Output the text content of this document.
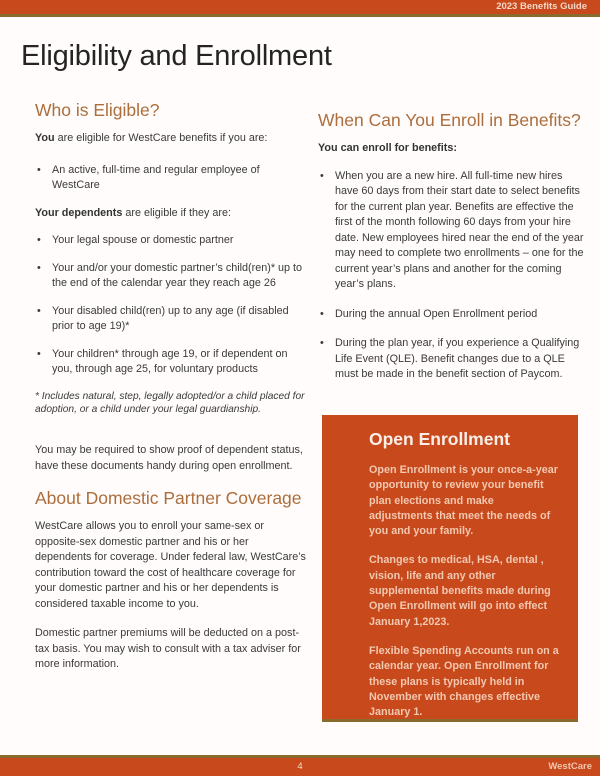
2023 Benefits Guide
Eligibility and Enrollment
Who is Eligible?

You are eligible for WestCare benefits if you are:

• An active, full-time and regular employee of WestCare

Your dependents are eligible if they are:

• Your legal spouse or domestic partner
• Your and/or your domestic partner’s child(ren)* up to the end of the calendar year they reach age 26
• Your disabled child(ren) up to any age (if disabled prior to age 19)*
• Your children* through age 19, or if dependent on you, through age 25, for voluntary products

* Includes natural, step, legally adopted/or a child placed for adoption, or a child under your legal guardianship.

You may be required to show proof of dependent status, have these documents handy during open enrollment.

About Domestic Partner Coverage

WestCare allows you to enroll your same-sex or opposite-sex domestic partner and his or her dependents for coverage. Under federal law, WestCare’s contribution toward the cost of healthcare coverage for your domestic partner and his or her dependents is considered taxable income to you.

Domestic partner premiums will be deducted on a post-tax basis. You may wish to consult with a tax adviser for more information.

When Can You Enroll in Benefits?

You can enroll for benefits:

• When you are a new hire. All full-time new hires have 60 days from their start date to select benefits for the current plan year. Benefits are effective the first of the month following 60 days from your hire date. New employees hired near the end of the year may need to complete two enrollments – one for the current year’s plans and another for the coming year’s plans.
• During the annual Open Enrollment period
• During the plan year, if you experience a Qualifying Life Event (QLE). Benefit changes due to a QLE must be made in the benefit section of Paycom.
Open Enrollment

Open Enrollment is your once-a-year opportunity to review your benefit plan elections and make adjustments that meet the needs of you and your family.

Changes to medical, HSA, dental , vision, life and any other supplemental benefits made during Open Enrollment will go into effect January 1,2023.

Flexible Spending Accounts run on a calendar year. Open Enrollment for these plans is typically held in November with changes effective January 1.

4	WestCare
